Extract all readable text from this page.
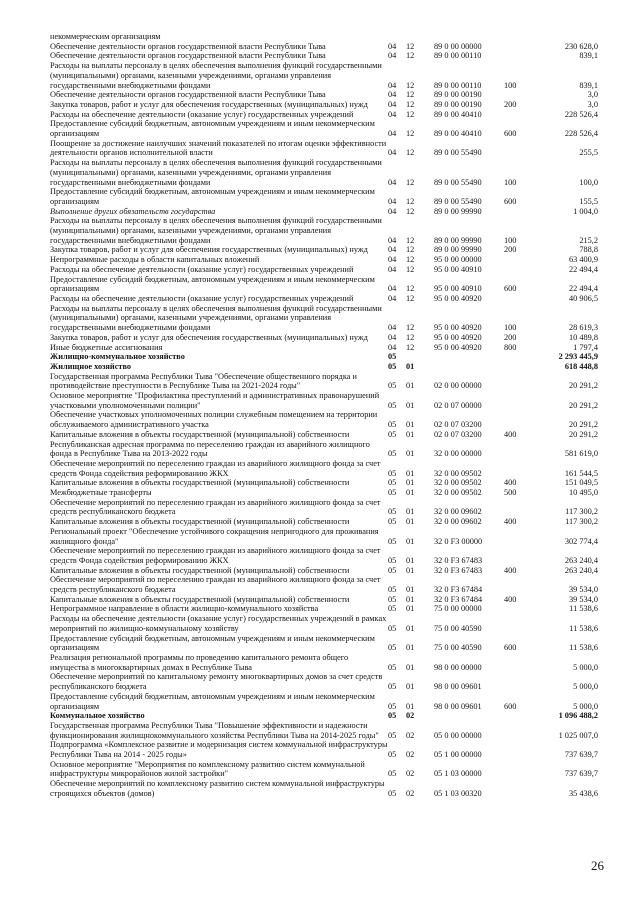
некоммерческим организациям					
Обеспечение деятельности органов государственной власти Республики Тыва	04	12	89 0 00 00000		230 628,0
Обеспечение деятельности органов государственной власти Республики Тыва	04	12	89 0 00 00110		839,1
Расходы на выплаты персоналу в целях обеспечения выполнения функций государственными (муниципальными) органами, казенными учреждениями, органами управления государственными внебюджетными фондами	04	12	89 0 00 00110	100	839,1
Обеспечение деятельности органов государственной власти Республики Тыва	04	12	89 0 00 00190		3,0
Закупка товаров, работ и услуг для обеспечения государственных (муниципальных) нужд	04	12	89 0 00 00190	200	3,0
Расходы на обеспечение деятельности (оказание услуг) государственных учреждений	04	12	89 0 00 40410		228 526,4
Предоставление субсидий бюджетным, автономным учреждениям и иным некоммерческим организациям	04	12	89 0 00 40410	600	228 526,4
Поощрение за достижение наилучших значений показателей по итогам оценки эффективности деятельности органов исполнительной власти	04	12	89 0 00 55490		255,5
Расходы на выплаты персоналу в целях обеспечения выполнения функций государственными (муниципальными) органами, казенными учреждениями, органами управления государственными внебюджетными фондами	04	12	89 0 00 55490	100	100,0
Предоставление субсидий бюджетным, автономным учреждениям и иным некоммерческим организациям	04	12	89 0 00 55490	600	155,5
Выполнение других обязательств государства	04	12	89 0 00 99990		1 004,0
Расходы на выплаты персоналу в целях обеспечения выполнения функций государственными (муниципальными) органами, казенными учреждениями, органами управления государственными внебюджетными фондами	04	12	89 0 00 99990	100	215,2
Закупка товаров, работ и услуг для обеспечения государственных (муниципальных) нужд	04	12	89 0 00 99990	200	788,8
Непрограммные расходы в области капитальных вложений	04	12	95 0 00 00000		63 400,9
Расходы на обеспечение деятельности (оказание услуг) государственных учреждений	04	12	95 0 00 40910		22 494,4
Предоставление субсидий бюджетным, автономным учреждениям и иным некоммерческим организациям	04	12	95 0 00 40910	600	22 494,4
Расходы на обеспечение деятельности (оказание услуг) государственных учреждений	04	12	95 0 00 40920		40 906,5
Расходы на выплаты персоналу в целях обеспечения выполнения функций государственными (муниципальными) органами, казенными учреждениями, органами управления государственными внебюджетными фондами	04	12	95 0 00 40920	100	28 619,3
Закупка товаров, работ и услуг для обеспечения государственных (муниципальных) нужд	04	12	95 0 00 40920	200	10 489,8
Иные бюджетные ассигнования	04	12	95 0 00 40920	800	1 797,4
Жилищно-коммунальное хозяйство	05				2 293 445,9
Жилищное хозяйство	05	01			618 448,8
Государственная программа Республики Тыва "Обеспечение общественного порядка и противодействие преступности в Республике Тыва на 2021-2024 годы"	05	01	02 0 00 00000		20 291,2
Основное мероприятие "Профилактика преступлений и административных правонарушений участковыми уполномоченными полиции"	05	01	02 0 07 00000		20 291,2
Обеспечение участковых уполномоченных полиции служебным помещением на территории обслуживаемого административного участка	05	01	02 0 07 03200		20 291,2
Капитальные вложения в объекты государственной (муниципальной) собственности	05	01	02 0 07 03200	400	20 291,2
Республиканская адресная программа по переселению граждан из аварийного жилищного фонда в Республике Тыва на 2013-2022 годы	05	01	32 0 00 00000		581 619,0
Обеспечение мероприятий по переселению граждан из аварийного жилищного фонда за счет средств Фонда содействия реформированию ЖКХ	05	01	32 0 00 09502		161 544,5
Капитальные вложения в объекты государственной (муниципальной) собственности	05	01	32 0 00 09502	400	151 049,5
Межбюджетные трансферты	05	01	32 0 00 09502	500	10 495,0
Обеспечение мероприятий по переселению граждан из аварийного жилищного фонда за счет средств республиканского бюджета	05	01	32 0 00 09602		117 300,2
Капитальные вложения в объекты государственной (муниципальной) собственности	05	01	32 0 00 09602	400	117 300,2
Региональный проект "Обеспечение устойчивого сокращения непригодного для проживания жилищного фонда"	05	01	32 0 F3 00000		302 774,4
Обеспечение мероприятий по переселению граждан из аварийного жилищного фонда за счет средств Фонда содействия реформированию ЖКХ	05	01	32 0 F3 67483		263 240,4
Капитальные вложения в объекты государственной (муниципальной) собственности	05	01	32 0 F3 67483	400	263 240,4
Обеспечение мероприятий по переселению граждан из аварийного жилищного фонда за счет средств республиканского бюджета	05	01	32 0 F3 67484		39 534,0
Капитальные вложения в объекты государственной (муниципальной) собственности	05	01	32 0 F3 67484	400	39 534,0
Непрограммное направление в области жилищно-коммунального хозяйства	05	01	75 0 00 00000		11 538,6
Расходы на обеспечение деятельности (оказание услуг) государственных учреждений в рамках мероприятий по жилищно-коммунальному хозяйству	05	01	75 0 00 40590		11 538,6
Предоставление субсидий бюджетным, автономным учреждениям и иным некоммерческим организациям	05	01	75 0 00 40590	600	11 538,6
Реализация региональной программы по проведению капитального ремонта общего имущества в многоквартирных домах в Республике Тыва	05	01	98 0 00 00000		5 000,0
Обеспечение мероприятий по капитальному ремонту многоквартирных домов за счет средств республиканского бюджета	05	01	98 0 00 09601		5 000,0
Предоставление субсидий бюджетным, автономным учреждениям и иным некоммерческим организациям	05	01	98 0 00 09601	600	5 000,0
Коммунальное хозяйство	05	02			1 096 488,2
Государственная программа Республики Тыва "Повышение эффективности и надежности функционирования жилищнокоммунального хозяйства Республики Тыва на 2014-2025 годы"	05	02	05 0 00 00000		1 025 007,0
Подпрограмма «Комплексное развитие и модернизация систем коммунальной инфраструктуры Республики Тыва на 2014 - 2025 годы»	05	02	05 1 00 00000		737 639,7
Основное мероприятие "Мероприятия по комплексному развитию систем коммунальной инфраструктуры микрорайонов жилой застройки"	05	02	05 1 03 00000		737 639,7
Обеспечение мероприятий по комплексному развитию систем коммунальной инфраструктуры строящихся объектов (домов)	05	02	05 1 03 00320		35 438,6
26
